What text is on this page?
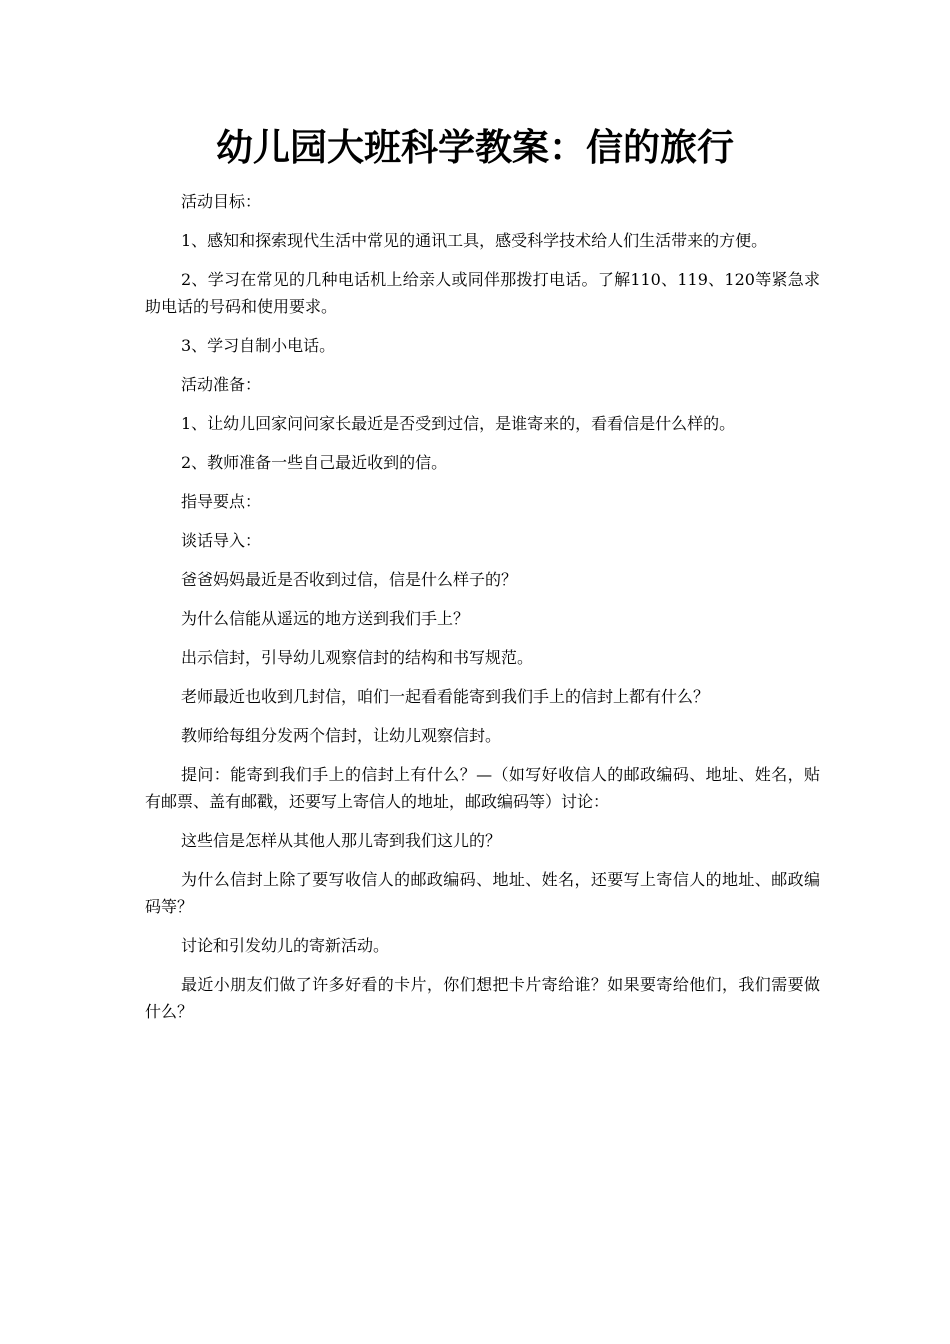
幼儿园大班科学教案：信的旅行

活动目标：

1、感知和探索现代生活中常见的通讯工具，感受科学技术给人们生活带来的方便。

2、学习在常见的几种电话机上给亲人或同伴那拨打电话。了解110、119、120等紧急求助电话的号码和使用要求。

3、学习自制小电话。

活动准备：

1、让幼儿回家问问家长最近是否受到过信，是谁寄来的，看看信是什么样的。

2、教师准备一些自己最近收到的信。

指导要点：

谈话导入：

爸爸妈妈最近是否收到过信，信是什么样子的？

为什么信能从遥远的地方送到我们手上？

出示信封，引导幼儿观察信封的结构和书写规范。

老师最近也收到几封信，咱们一起看看能寄到我们手上的信封上都有什么？

教师给每组分发两个信封，让幼儿观察信封。

提问：能寄到我们手上的信封上有什么？—（如写好收信人的邮政编码、地址、姓名，贴有邮票、盖有邮戳，还要写上寄信人的地址，邮政编码等）讨论：

这些信是怎样从其他人那儿寄到我们这儿的？

为什么信封上除了要写收信人的邮政编码、地址、姓名，还要写上寄信人的地址、邮政编码等？

讨论和引发幼儿的寄新活动。

最近小朋友们做了许多好看的卡片，你们想把卡片寄给谁？如果要寄给他们，我们需要做什么？
